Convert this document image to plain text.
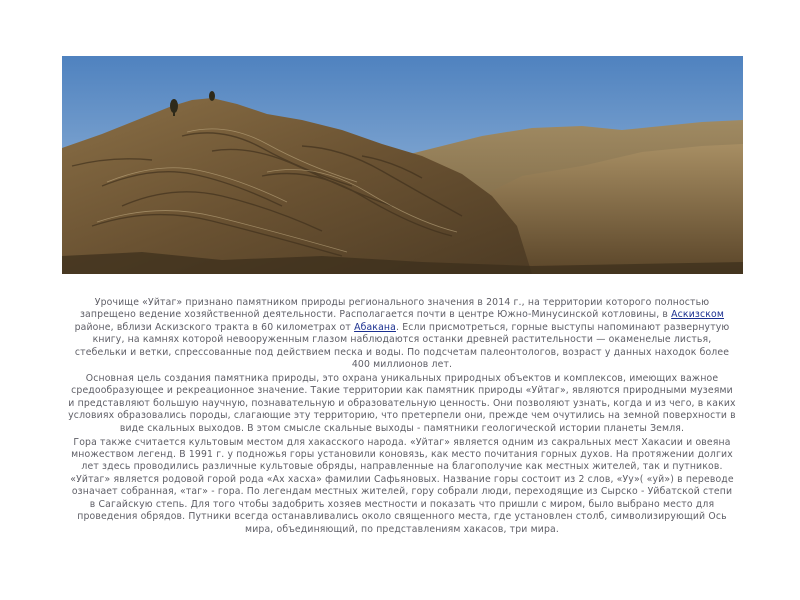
Урочище «Уйтаг» признано памятником природы регионального значения в 2014 г., на территории которого полностью запрещено ведение хозяйственной деятельности. Располагается почти в центре Южно-Минусинской котловины, в Аскизском районе, вблизи Аскизского тракта в 60 километрах от Абакана. Если присмотреться, горные выступы напоминают развернутую книгу, на камнях которой невооруженным глазом наблюдаются останки древней растительности — окаменелые листья, стебельки и ветки, спрессованные под действием песка и воды. По подсчетам палеонтологов, возраст у данных находок более 400 миллионов лет.

Основная цель создания памятника природы, это охрана уникальных природных объектов и комплексов, имеющих важное средообразующее и рекреационное значение. Такие территории как памятник природы «Уйтаг», являются природными музеями и представляют большую научную, познавательную и образовательную ценность. Они позволяют узнать, когда и из чего, в каких условиях образовались породы, слагающие эту территорию, что претерпели они, прежде чем очутились на земной поверхности в виде скальных выходов. В этом смысле скальные выходы - памятники геологической истории планеты Земля.

Гора также считается культовым местом для хакасского народа. «Уйтаг» является одним из сакральных мест Хакасии и овеяна множеством легенд. В 1991 г. у подножья горы установили коновязь, как место почитания горных духов. На протяжении долгих лет здесь проводились различные культовые обряды, направленные на благополучие как местных жителей, так и путников. «Уйтаг» является родовой горой рода «Ах хасха» фамилии Сафьяновых. Название горы состоит из 2 слов, «Уу»( «уй») в переводе означает собранная, «таг» - гора. По легендам местных жителей, гору собрали люди, переходящие из Сырско - Уйбатской степи в Сагайскую степь. Для того чтобы задобрить хозяев местности и показать что пришли с миром, было выбрано место для проведения обрядов. Путники всегда останавливались около священного места, где установлен столб, символизирующий Ось мира, объединяющий, по представлениям хакасов, три мира.
